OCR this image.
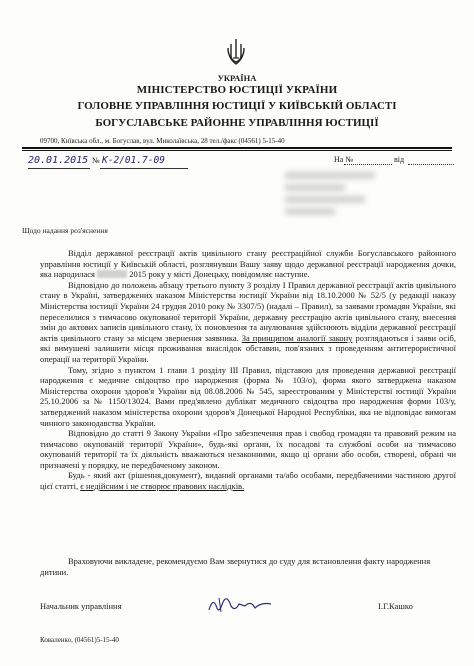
УКРАЇНА
МІНІСТЕРСТВО ЮСТИЦІЇ УКРАЇНИ
ГОЛОВНЕ УПРАВЛІННЯ ЮСТИЦІЇ У КИЇВСЬКІЙ ОБЛАСТІ
БОГУСЛАВСЬКЕ РАЙОННЕ УПРАВЛІННЯ ЮСТИЦІЇ
09700, Київська обл., м. Богуслав, вул. Миколаївська, 28 тел./факс (04561) 5-15-40
20.01.2015 № К-2/01.7-09	На №	від
Щодо надання роз'яснення

Відділ державної реєстрації актів цивільного стану реєстраційної служби Богуславського районного управління юстиції у Київській області, розглянувши Вашу заяву щодо державної реєстрації народження дочки, яка народилася	2015 року у місті Донецьку, повідомляє наступне.

Відповідно до положень абзацу третього пункту 3 розділу I Правил державної реєстрації актів цивільного стану в Україні, затверджених наказом Міністерства юстиції України від 18.10.2000 № 52/5 (у редакції наказу Міністерства юстиції України 24 грудня 2010 року № 3307/5) (надалі – Правил), за заявами громадян України, які переселилися з тимчасово окупованої території України, державну реєстрацію актів цивільного стану, внесення змін до актових записів цивільного стану, їх поновлення та анулювання здійснюють відділи державної реєстрації актів цивільного стану за місцем звернення заявника. За принципом аналогії закону розглядаються і заяви осіб, які вимушені залишити місця проживання внаслідок обставин, пов'язаних з проведенням антитерористичної операції на території України.

Тому, згідно з пунктом 1 глави 1 розділу III Правил, підставою для проведення державної реєстрації народження є медичне свідоцтво про народження (форма № 103/о), форма якого затверджена наказом Міністерства охорони здоров'я України від 08.08.2006 № 545, зареєстрованим у Міністерстві юстиції України 25.10.2006 за № 1150/13024. Вами пред'явлено дублікат медичного свідоцтва про народження форми 103/у, затверджений наказом міністерства охорони здоров'я Донецької Народної Республіки, яка не відповідає вимогам чинного законодавства України.

Відповідно до статті 9 Закону України «Про забезпечення прав і свобод громадян та правовий режим на тимчасово окупованій території України», будь-які органи, їх посадові та службові особи на тимчасово окупованій території та їх діяльність вважаються незаконними, якщо ці органи або особи, створені, обрані чи призначені у порядку, не передбаченому законом.

Будь - який акт (рішення,документ), виданий органами та/або особами, передбаченими частиною другої цієї статті, є недійсним і не створює правових наслідків.

Враховуючи викладене, рекомендуємо Вам звернутися до суду для встановлення факту народження дитини.

Начальник управління	І.Г.Кашко
Коваленко, (04561)5-15-40
